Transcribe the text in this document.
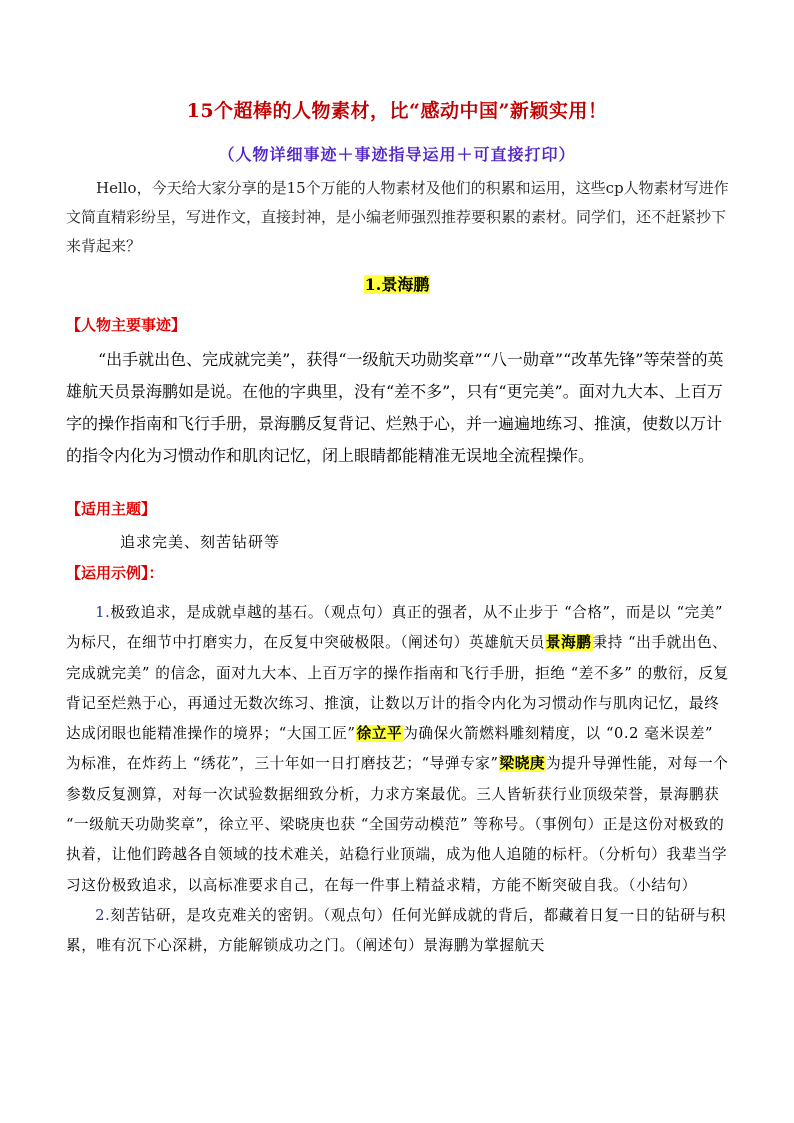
15个超棒的人物素材，比“感动中国”新颖实用！
（人物详细事迹＋事迹指导运用＋可直接打印）
Hello，今天给大家分享的是15个万能的人物素材及他们的积累和运用，这些cp人物素材写进作文简直精彩纷呈，写进作文，直接封神，是小编老师强烈推荐要积累的素材。同学们，还不赶紧抄下来背起来？
1.景海鹏
【人物主要事迹】

“出手就出色、完成就完美”，获得“一级航天功勋奖章”“八一勋章”“改革先锋”等荣誉的英雄航天员景海鹏如是说。在他的字典里，没有“差不多”，只有“更完美”。面对九大本、上百万字的操作指南和飞行手册，景海鹏反复背记、烂熟于心，并一遍遍地练习、推演，使数以万计的指令内化为习惯动作和肌肉记忆，闭上眼睛都能精准无误地全流程操作。

【适用主题】
追求完美、刻苦钻研等
【运用示例】：

1.极致追求，是成就卓越的基石。（观点句）真正的强者，从不止步于 “合格”，而是以 “完美” 为标尺，在细节中打磨实力，在反复中突破极限。（阐述句）英雄航天员景海鹏秉持 “出手就出色、完成就完美” 的信念，面对九大本、上百万字的操作指南和飞行手册，拒绝 “差不多” 的敷衍，反复背记至烂熟于心，再通过无数次练习、推演，让数以万计的指令内化为习惯动作与肌肉记忆，最终达成闭眼也能精准操作的境界；“大国工匠”徐立平为确保火箭燃料雕刻精度，以 “0.2 毫米误差” 为标准，在炸药上 “绣花”，三十年如一日打磨技艺；“导弹专家”梁晓庚为提升导弹性能，对每一个参数反复测算，对每一次试验数据细致分析，力求方案最优。三人皆斩获行业顶级荣誉，景海鹏获 “一级航天功勋奖章”，徐立平、梁晓庚也获 “全国劳动模范” 等称号。（事例句）正是这份对极致的执着，让他们跨越各自领域的技术难关，站稳行业顶端，成为他人追随的标杆。（分析句）我辈当学习这份极致追求，以高标准要求自己，在每一件事上精益求精，方能不断突破自我。（小结句）

2.刻苦钻研，是攻克难关的密钥。（观点句）任何光鲜成就的背后，都藏着日复一日的钻研与积累，唯有沉下心深耕，方能解锁成功之门。（阐述句）景海鹏为掌握航天
